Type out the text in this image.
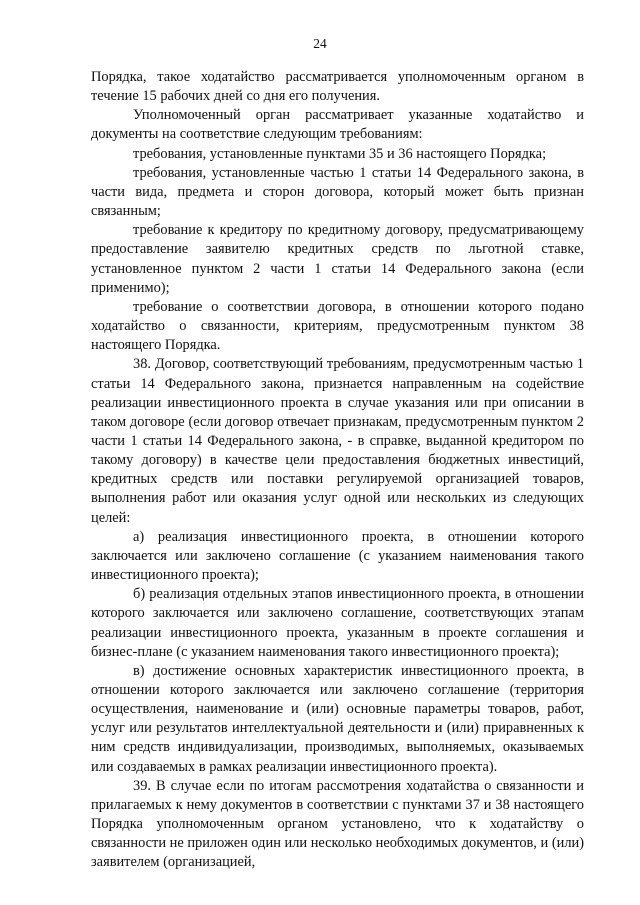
24

Порядка, такое ходатайство рассматривается уполномоченным органом в течение 15 рабочих дней со дня его получения.

Уполномоченный орган рассматривает указанные ходатайство и документы на соответствие следующим требованиям:

требования, установленные пунктами 35 и 36 настоящего Порядка;

требования, установленные частью 1 статьи 14 Федерального закона, в части вида, предмета и сторон договора, который может быть признан связанным;

требование к кредитору по кредитному договору, предусматривающему предоставление заявителю кредитных средств по льготной ставке, установленное пунктом 2 части 1 статьи 14 Федерального закона (если применимо);

требование о соответствии договора, в отношении которого подано ходатайство о связанности, критериям, предусмотренным пунктом 38 настоящего Порядка.

38. Договор, соответствующий требованиям, предусмотренным частью 1 статьи 14 Федерального закона, признается направленным на содействие реализации инвестиционного проекта в случае указания или при описании в таком договоре (если договор отвечает признакам, предусмотренным пунктом 2 части 1 статьи 14 Федерального закона, - в справке, выданной кредитором по такому договору) в качестве цели предоставления бюджетных инвестиций, кредитных средств или поставки регулируемой организацией товаров, выполнения работ или оказания услуг одной или нескольких из следующих целей:

а) реализация инвестиционного проекта, в отношении которого заключается или заключено соглашение (с указанием наименования такого инвестиционного проекта);

б) реализация отдельных этапов инвестиционного проекта, в отношении которого заключается или заключено соглашение, соответствующих этапам реализации инвестиционного проекта, указанным в проекте соглашения и бизнес-плане (с указанием наименования такого инвестиционного проекта);

в) достижение основных характеристик инвестиционного проекта, в отношении которого заключается или заключено соглашение (территория осуществления, наименование и (или) основные параметры товаров, работ, услуг или результатов интеллектуальной деятельности и (или) приравненных к ним средств индивидуализации, производимых, выполняемых, оказываемых или создаваемых в рамках реализации инвестиционного проекта).

39. В случае если по итогам рассмотрения ходатайства о связанности и прилагаемых к нему документов в соответствии с пунктами 37 и 38 настоящего Порядка уполномоченным органом установлено, что к ходатайству о связанности не приложен один или несколько необходимых документов, и (или) заявителем (организацией,
